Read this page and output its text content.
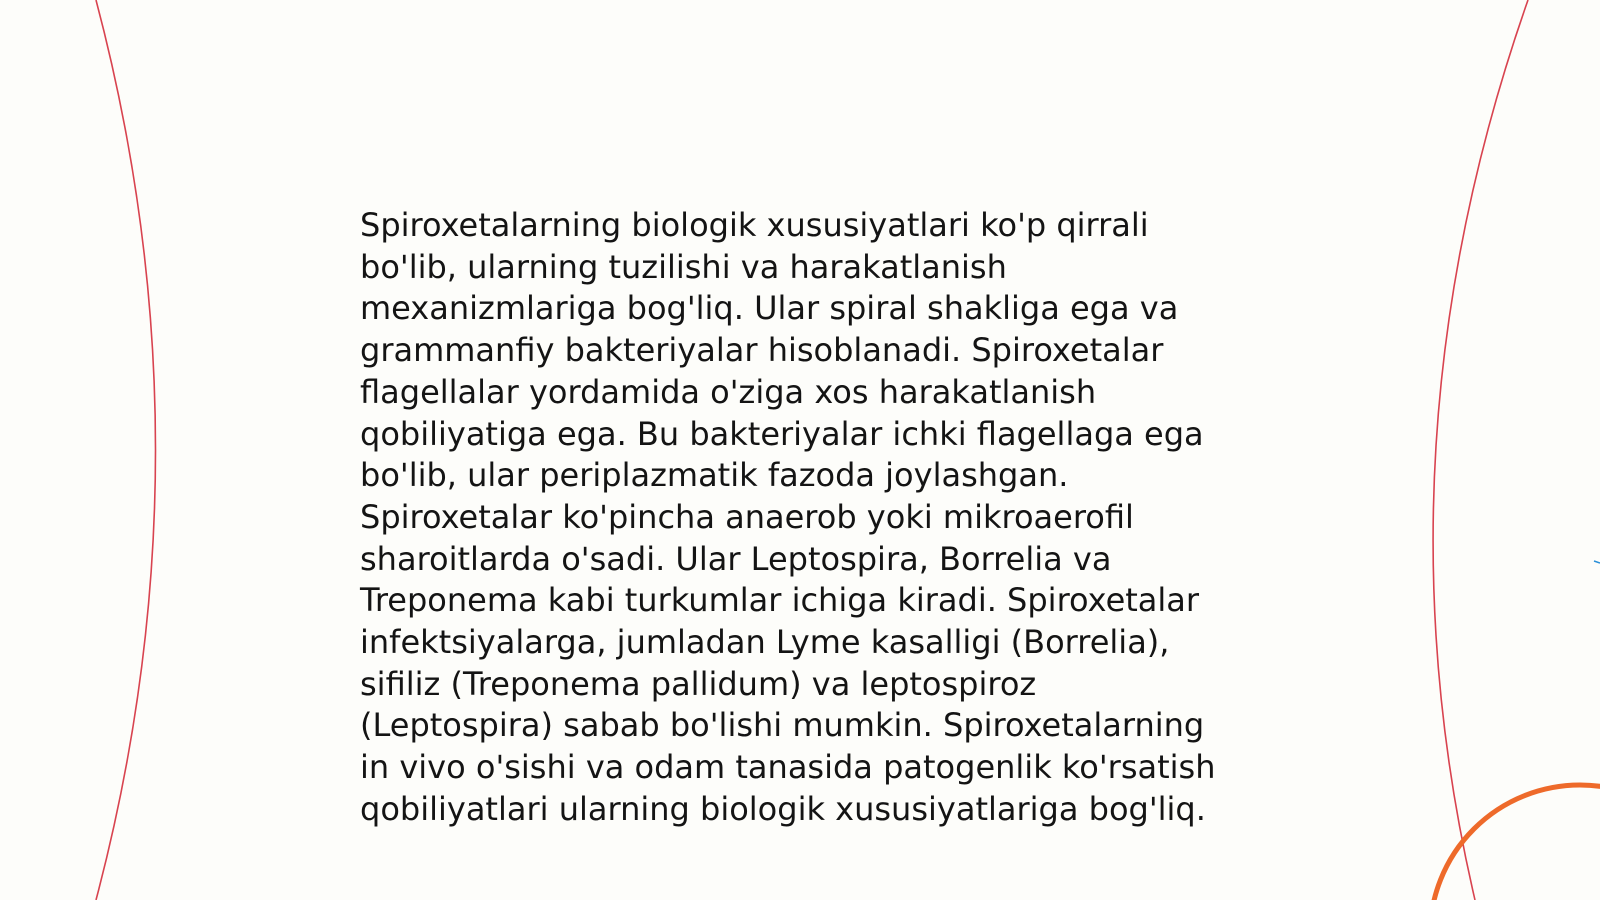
Spiroxetalarning biologik xususiyatlari ko'p qirrali
bo'lib, ularning tuzilishi va harakatlanish
mexanizmlariga bog'liq. Ular spiral shakliga ega va
grammanfiy bakteriyalar hisoblanadi. Spiroxetalar
flagellalar yordamida o'ziga xos harakatlanish
qobiliyatiga ega. Bu bakteriyalar ichki flagellaga ega
bo'lib, ular periplazmatik fazoda joylashgan.
Spiroxetalar ko'pincha anaerob yoki mikroaerofil
sharoitlarda o'sadi. Ular Leptospira, Borrelia va
Treponema kabi turkumlar ichiga kiradi. Spiroxetalar
infektsiyalarga, jumladan Lyme kasalligi (Borrelia),
sifiliz (Treponema pallidum) va leptospiroz
(Leptospira) sabab bo'lishi mumkin. Spiroxetalarning
in vivo o'sishi va odam tanasida patogenlik ko'rsatish
qobiliyatlari ularning biologik xususiyatlariga bog'liq.
